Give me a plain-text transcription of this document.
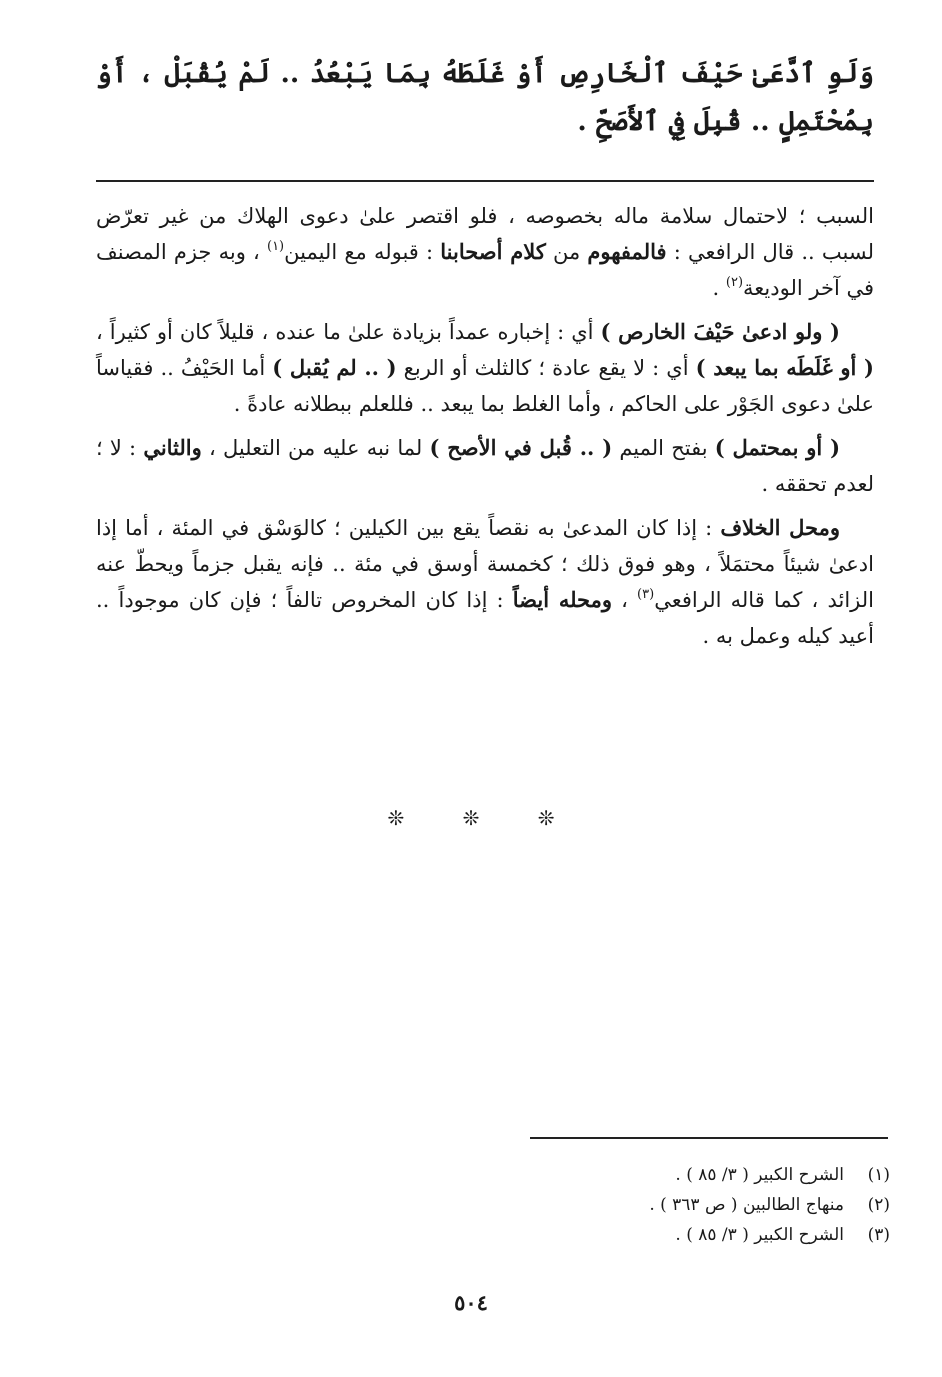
وَلَوِ ٱدَّعَىٰ حَيْفَ ٱلْخَارِصِ أَوْ غَلَطَهُ بِمَا يَبْعُدُ .. لَمْ يُقْبَلْ ، أَوْ بِمُحْتَمِلٍ .. قُبِلَ فِي ٱلأَصَحِّ .

السبب ؛ لاحتمال سلامة ماله بخصوصه ، فلو اقتصر علىٰ دعوى الهلاك من غير تعرّض لسبب .. قال الرافعي : فالمفهوم من كلام أصحابنا : قبوله مع اليمين$^{(١)}$ ، وبه جزم المصنف في آخر الوديعة$^{(٢)}$ .

( ولو ادعىٰ حَيْفَ الخارص ) أي : إخباره عمداً بزيادة علىٰ ما عنده ، قليلاً كان أو كثيراً ، ( أو غَلَطَه بما يبعد ) أي : لا يقع عادة ؛ كالثلث أو الربع ( .. لم يُقبل ) أما الحَيْفُ .. فقياساً علىٰ دعوى الجَوْر على الحاكم ، وأما الغلط بما يبعد .. فللعلم ببطلانه عادةً .

( أو بمحتمل ) بفتح الميم ( .. قُبل في الأصح ) لما نبه عليه من التعليل ، والثاني : لا ؛ لعدم تحققه .

ومحل الخلاف : إذا كان المدعىٰ به نقصاً يقع بين الكيلين ؛ كالوَسْق في المئة ، أما إذا ادعىٰ شيئاً محتمَلاً ، وهو فوق ذلك ؛ كخمسة أوسق في مئة .. فإنه يقبل جزماً ويحطّ عنه الزائد ، كما قاله الرافعي$^{(٣)}$ ، ومحله أيضاً : إذا كان المخروص تالفاً ؛ فإن كان موجوداً .. أعيد كيله وعمل به .

❊ ❊ ❊
(١)
الشرح الكبير ( ٣/ ٨٥ ) .
(٢)
منهاج الطالبين ( ص ٣٦٣ ) .
(٣)
الشرح الكبير ( ٣/ ٨٥ ) .
٥٠٤
